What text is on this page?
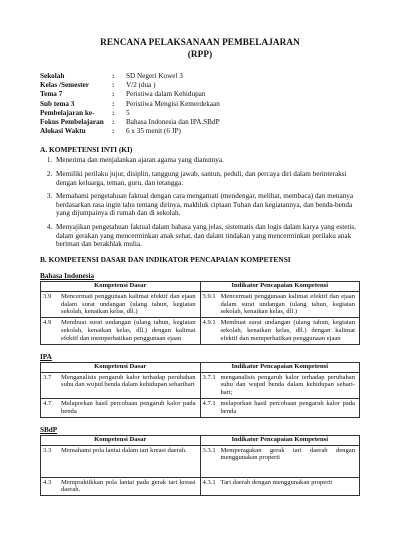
RENCANA PELAKSANAAN PEMBELAJARAN
(RPP)
Sekolah	:	SD Negeri Kowel 3
Kelas /Semester	:	V/2 (dua )
Tema 7	:	Peristiwa dalam Kehidupan
Sub tema 3	:	Peristiwa Mengisi Kemerdekaan
Pembelajaran ke-	:	5
Fokus Pembelajaran	:	Bahasa Indonesia dan IPA.SBdP
Alokasi Waktu	:	6 x 35 menit (6 JP)
A. KOMPETENSI INTI (KI)
1. Menerima dan menjalankan ajaran agama yang dianutnya.
2. Memiliki perilaku jujur, disiplin, tanggung jawab, santun, peduli, dan percaya diri dalam berinteraksi dengan keluarga, teman, guru, dan tetangga.
3. Memahami pengetahuan faktual dengan cara mengamati (mendengar, melihat, membaca) dan menanya berdasarkan rasa ingin tahu tentang dirinya, makhluk ciptaan Tuhan dan kegiatannya, dan benda-benda yang dijumpainya di rumah dan di sekolah.
4. Menyajikan pengetahuan faktual dalam bahasa yang jelas, sistematis dan logis dalam karya yang estetis, dalam gerakan yang mencerminkan anak sehat, dan dalam tindakan yang mencerminkan perilaku anak beriman dan berakhlak mulia.
B. KOMPETENSI DASAR DAN INDIKATOR PENCAPAIAN KOMPETENSI
Bahasa Indonesia
Kompetensi Dasar	Indikator Pencapaian Kompetensi
3.9 Mencermati penggunaan kalimat efektif dan ejaan dalam surat undangan (ulang tahun, kegiatan sekolah, kenaikan kelas, dll.)	3.9.1 Mencermati penggunaan kalimat efektif dan ejaan dalam surat undangan (ulang tahun, kegiatan sekolah, kenaikan kelas, dll.)
4.9 Membuat surat undangan (ulang tahun, kegiatan sekolah, kenaikan kelas, dll.) dengan kalimat efektif dan memperhatikan penggunaan ejaan	4.9.1 Membuat surat undangan (ulang tahun, kegiatan sekolah, kenaikan kelas, dll.) dengan kalimat efektif dan memperhatikan penggunaan ejaan
IPA
Kompetensi Dasar	Indikator Pencapaian Kompetensi
3.7 Menganalisis pengaruh kalor terhadap perubahan suhu dan wujud benda dalam kehidupan seharihari	3.7.1 menganalisis pengaruh kalor terhadap perubahan suhu dan wujud benda dalam kehidupan sehari-hari;
4.7 Melaporkan hasil percobaan pengaruh kalor pada benda	4.7.1 melaporkan hasil percobaan pengaruh kalor pada benda
SBdP
Kompetensi Dasar	Indikator Pencapaian Kompetensi
3.3 Memahami pola lantai dalam tari kreasi daerah.	3.3.1 Memperagakan gerak tari daerah dengan menggunakan properti
4.3 Mempraktikkan pola lantai pada gerak tari kreasi daerah.	4.3.1 Tari daerah dengan menggunakan properti
